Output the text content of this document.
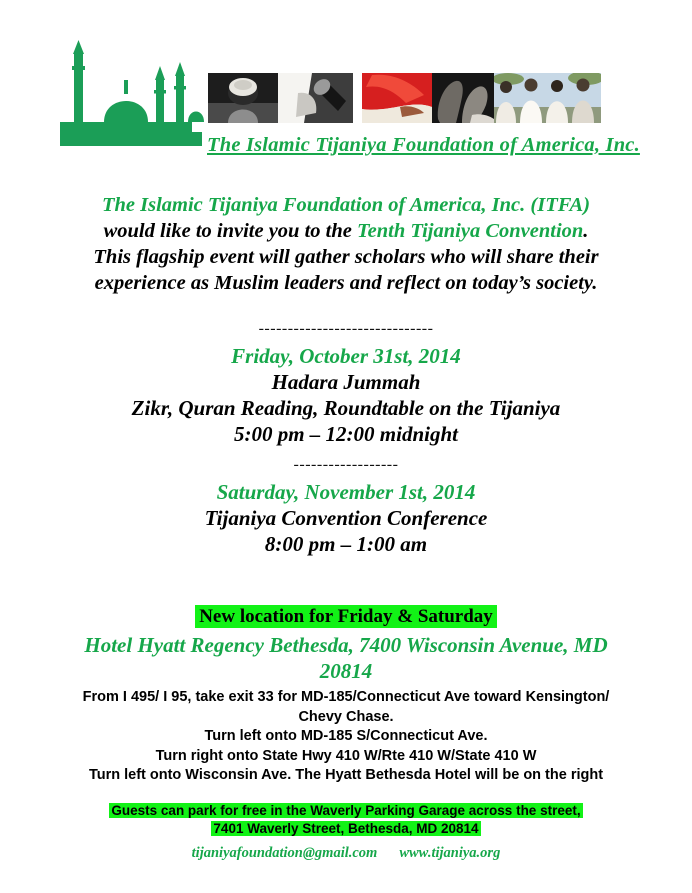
The Islamic Tijaniya Foundation of America, Inc.
The Islamic Tijaniya Foundation of America, Inc. (ITFA)
would like to invite you to the Tenth Tijaniya Convention.
This flagship event will gather scholars who will share their
experience as Muslim leaders and reflect on today’s society.
------------------------------
Friday, October 31st, 2014
Hadara Jummah
Zikr, Quran Reading, Roundtable on the Tijaniya
5:00 pm – 12:00 midnight
------------------
Saturday, November 1st, 2014
Tijaniya Convention Conference
8:00 pm – 1:00 am
New location for Friday & Saturday
Hotel Hyatt Regency Bethesda, 7400 Wisconsin Avenue, MD
20814
From I 495/ I 95, take exit 33 for MD-185/Connecticut Ave toward Kensington/
Chevy Chase.
Turn left onto MD-185 S/Connecticut Ave.
Turn right onto State Hwy 410 W/Rte 410 W/State 410 W
Turn left onto Wisconsin Ave. The Hyatt Bethesda Hotel will be on the right
Guests can park for free in the Waverly Parking Garage across the street,
7401 Waverly Street, Bethesda, MD 20814
tijaniyafoundation@gmail.com www.tijaniya.org
